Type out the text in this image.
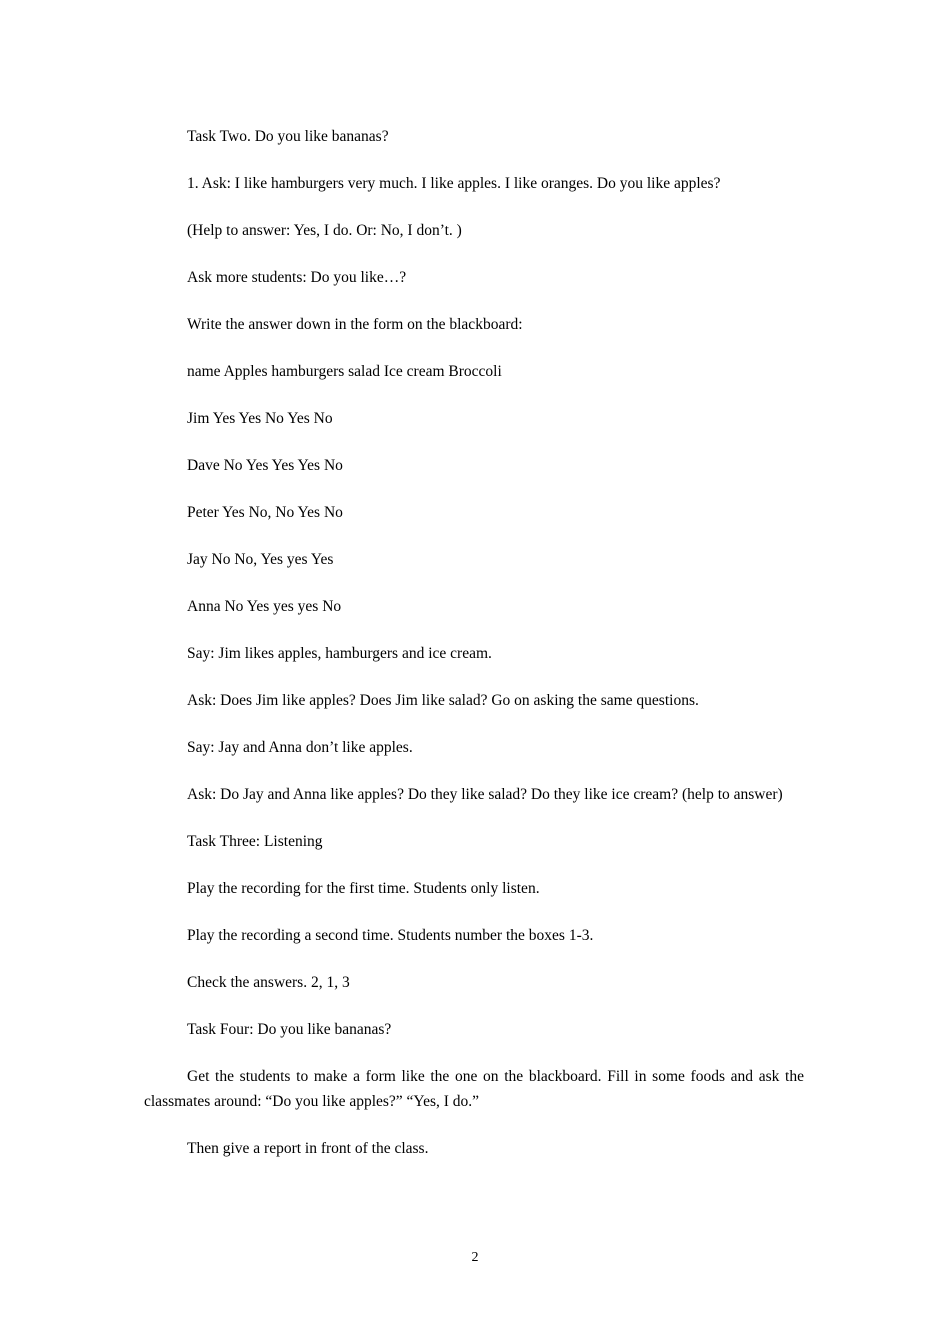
Task Two. Do you like bananas?

1. Ask: I like hamburgers very much. I like apples. I like oranges. Do you like apples?

(Help to answer: Yes, I do. Or: No, I don’t. )

Ask more students: Do you like…?

Write the answer down in the form on the blackboard:

name Apples hamburgers salad Ice cream Broccoli

Jim Yes Yes No Yes No

Dave No Yes Yes Yes No

Peter Yes No, No Yes No

Jay No No, Yes yes Yes

Anna No Yes yes yes No

Say: Jim likes apples, hamburgers and ice cream.

Ask: Does Jim like apples? Does Jim like salad? Go on asking the same questions.

Say: Jay and Anna don’t like apples.

Ask: Do Jay and Anna like apples? Do they like salad? Do they like ice cream? (help to answer)

Task Three: Listening

Play the recording for the first time. Students only listen.

Play the recording a second time. Students number the boxes 1-3.

Check the answers. 2, 1, 3

Task Four: Do you like bananas?

Get the students to make a form like the one on the blackboard. Fill in some foods and ask the classmates around: “Do you like apples?” “Yes, I do.”

Then give a report in front of the class.

2
